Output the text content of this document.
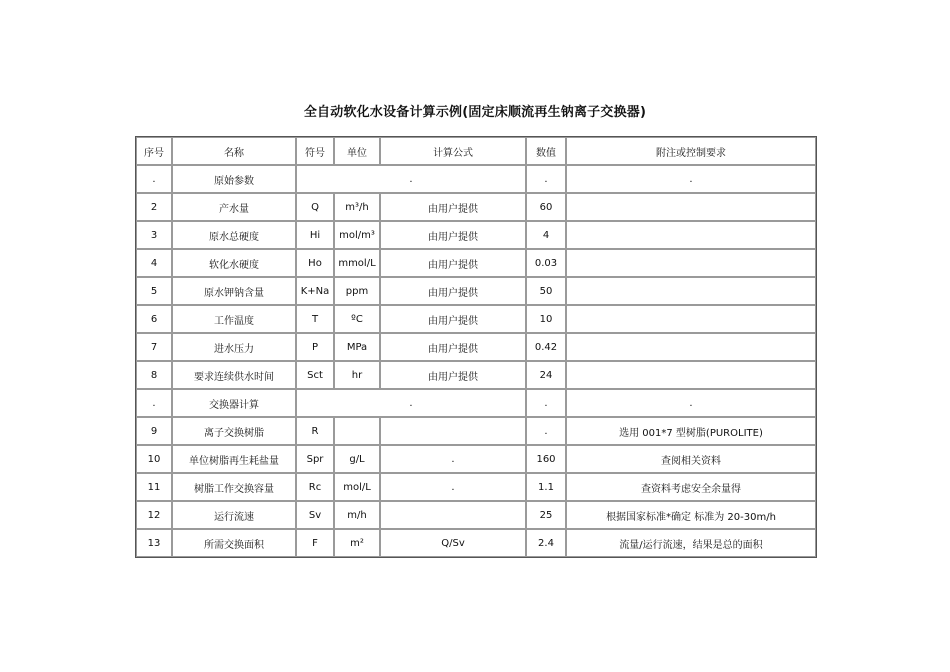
全自动软化水设备计算示例(固定床顺流再生钠离子交换器)
序号	名称	符号	单位	计算公式	数值	附注或控制要求
.	原始参数	.			.	.
2	产水量	Q	m³/h	由用户提供	60	
3	原水总硬度	Hi	mol/m³	由用户提供	4	
4	软化水硬度	Ho	mmol/L	由用户提供	0.03	
5	原水钾钠含量	K+Na	ppm	由用户提供	50	
6	工作温度	T	ºC	由用户提供	10	
7	进水压力	P	MPa	由用户提供	0.42	
8	要求连续供水时间	Sct	hr	由用户提供	24	
.	交换器计算	.			.	.
9	离子交换树脂	R			.	选用 001*7 型树脂(PUROLITE)
10	单位树脂再生耗盐量	Spr	g/L	.	160	查阅相关资料
11	树脂工作交换容量	Rc	mol/L	.	1.1	查资料考虑安全余量得
12	运行流速	Sv	m/h		25	根据国家标准*确定 标准为 20-30m/h
13	所需交换面积	F	m²	Q/Sv	2.4	流量/运行流速，结果是总的面积
